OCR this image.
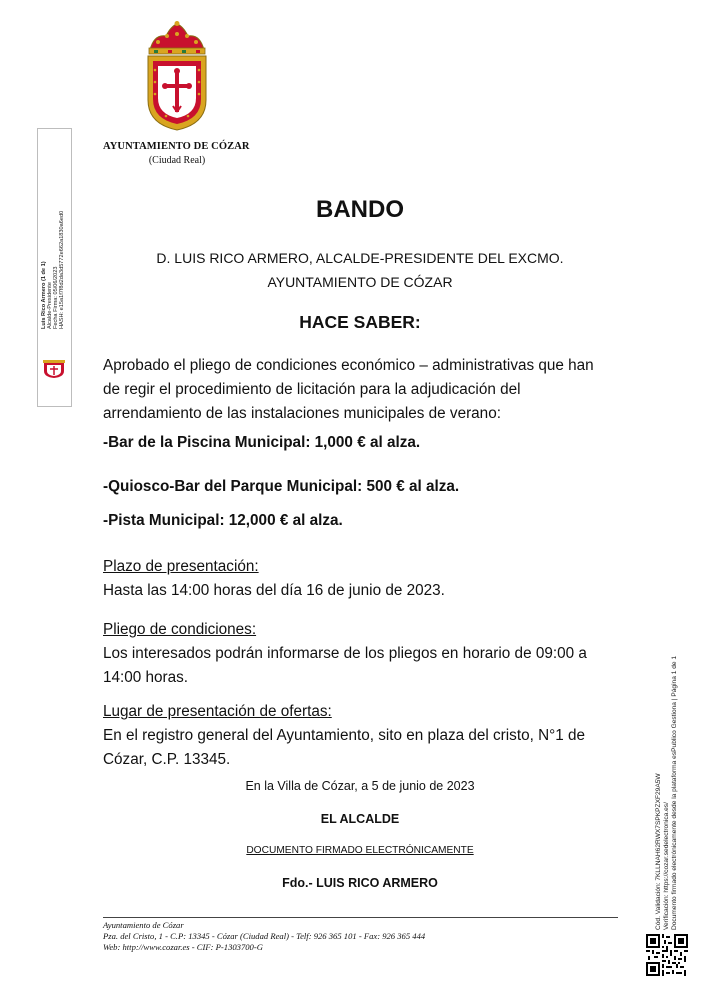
AYUNTAMIENTO DE CÓZAR
(Ciudad Real)
Luis Rico Armero (1 de 1) Alcalde-Presidente Fecha Firma: 05/06/2023 HASH: e15a1f7f8d2da3d5772e662a1830a6ed0
BANDO
D. LUIS RICO ARMERO, ALCALDE-PRESIDENTE DEL EXCMO.
AYUNTAMIENTO DE CÓZAR
HACE SABER:
Aprobado el pliego de condiciones económico – administrativas que han
de regir el procedimiento de licitación para la adjudicación del
arrendamiento de las instalaciones municipales de verano:
-Bar de la Piscina Municipal: 1,000 € al alza.
-Quiosco-Bar del Parque Municipal: 500 € al alza.
-Pista Municipal: 12,000 € al alza.
Plazo de presentación:
Hasta las 14:00 horas del día 16 de junio de 2023.
Pliego de condiciones:
Los interesados podrán informarse de los pliegos en horario de 09:00 a
14:00 horas.
Lugar de presentación de ofertas:
En el registro general del Ayuntamiento, sito en plaza del cristo, N°1 de
Cózar, C.P. 13345.
En la Villa de Cózar, a 5 de junio de 2023
EL ALCALDE
DOCUMENTO FIRMADO ELECTRÓNICAMENTE
Fdo.- LUIS RICO ARMERO
Ayuntamiento de Cózar
Pza. del Cristo, 1 - C.P: 13345 - Cózar (Ciudad Real) - Telf: 926 365 101 - Fax: 926 365 444
Web: http://www.cozar.es - CIF: P-1303700-G
Cód. Validación: 7KLLNAH62RWX7SPKPZXF29A5W Verificación: https://cozar.sedelectronica.es/ Documento firmado electrónicamente desde la plataforma esPublico Gestiona | Página 1 de 1
